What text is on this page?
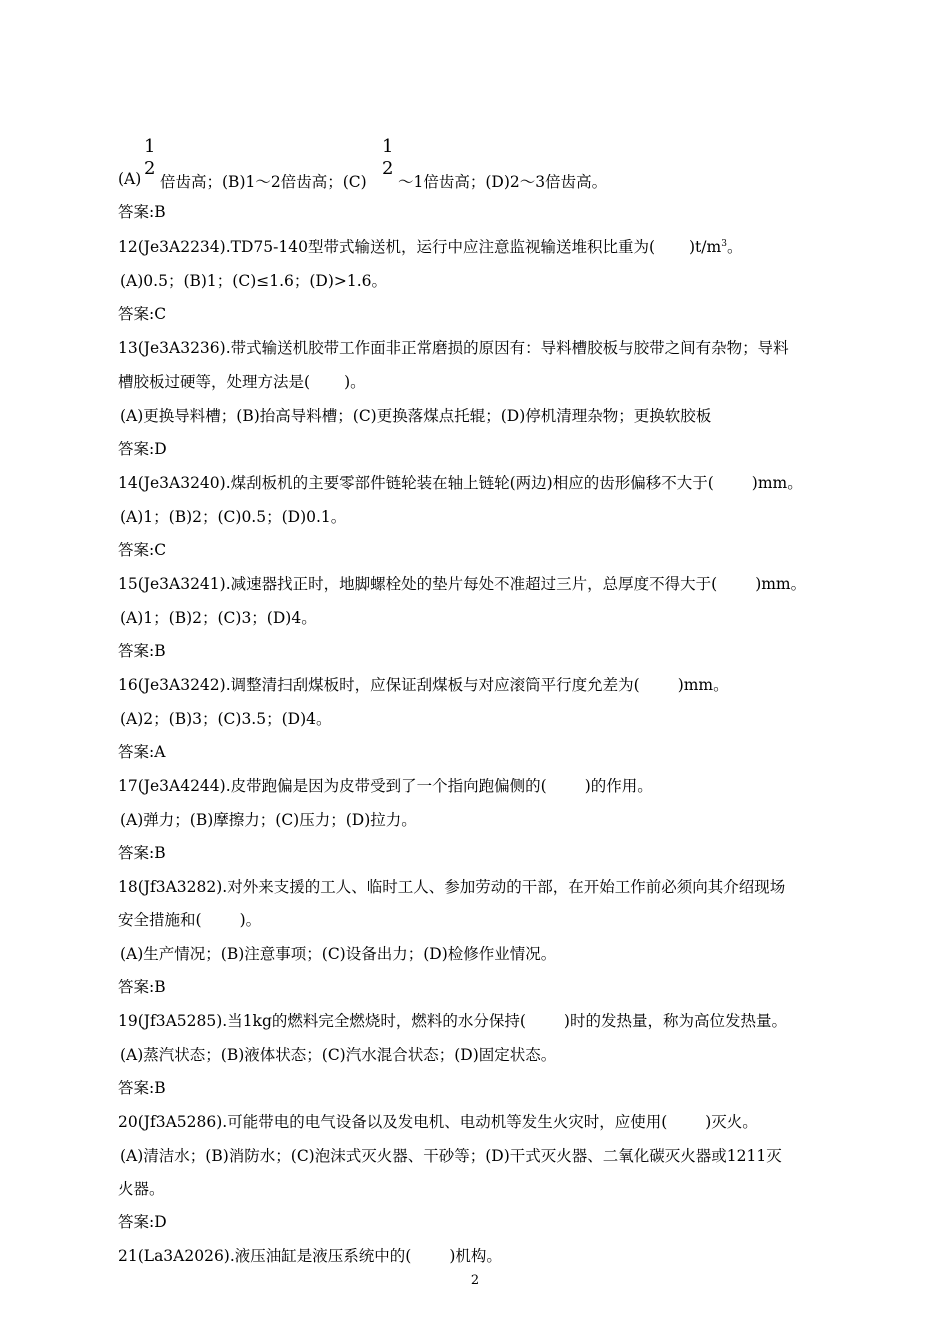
(A)
1
2
倍齿高；(B)1～2倍齿高；(C)
1
2
～1倍齿高；(D)2～3倍齿高。
答案:B
12(Je3A2234).TD75-140型带式输送机，运行中应注意监视输送堆积比重为( )$t/m^3$。
(A)0.5；(B)1；(C)≤1.6；(D)>1.6。
答案:C
13(Je3A3236).带式输送机胶带工作面非正常磨损的原因有：导料槽胶板与胶带之间有杂物；导料
槽胶板过硬等，处理方法是( )。
(A)更换导料槽；(B)抬高导料槽；(C)更换落煤点托辊；(D)停机清理杂物；更换软胶板
答案:D
14(Je3A3240).煤刮板机的主要零部件链轮装在轴上链轮(两边)相应的齿形偏移不大于( )mm。
(A)1；(B)2；(C)0.5；(D)0.1。
答案:C
15(Je3A3241).减速器找正时，地脚螺栓处的垫片每处不准超过三片，总厚度不得大于( )mm。
(A)1；(B)2；(C)3；(D)4。
答案:B
16(Je3A3242).调整清扫刮煤板时，应保证刮煤板与对应滚筒平行度允差为( )mm。
(A)2；(B)3；(C)3.5；(D)4。
答案:A
17(Je3A4244).皮带跑偏是因为皮带受到了一个指向跑偏侧的( )的作用。
(A)弹力；(B)摩擦力；(C)压力；(D)拉力。
答案:B
18(Jf3A3282).对外来支援的工人、临时工人、参加劳动的干部，在开始工作前必须向其介绍现场
安全措施和( )。
(A)生产情况；(B)注意事项；(C)设备出力；(D)检修作业情况。
答案:B
19(Jf3A5285).当1kg的燃料完全燃烧时，燃料的水分保持( )时的发热量，称为高位发热量。
(A)蒸汽状态；(B)液体状态；(C)汽水混合状态；(D)固定状态。
答案:B
20(Jf3A5286).可能带电的电气设备以及发电机、电动机等发生火灾时，应使用( )灭火。
(A)清洁水；(B)消防水；(C)泡沫式灭火器、干砂等；(D)干式灭火器、二氧化碳灭火器或1211灭
火器。
答案:D
21(La3A2026).液压油缸是液压系统中的( )机构。
2
